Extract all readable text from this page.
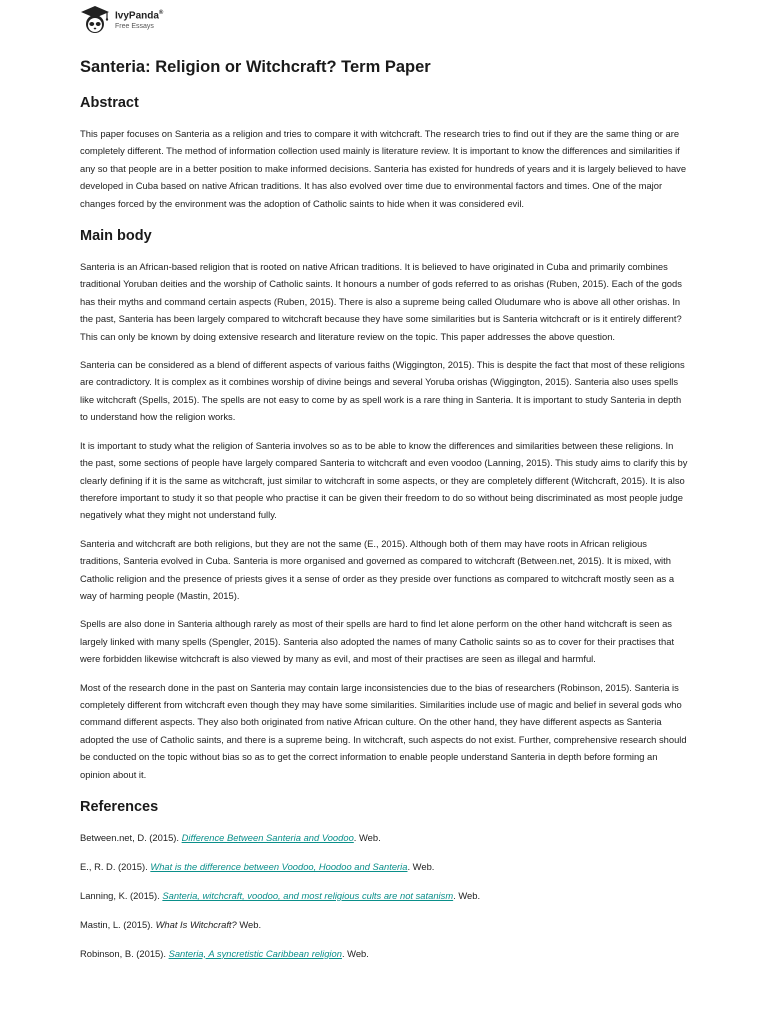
IvyPanda®
Free Essays
Santeria: Religion or Witchcraft? Term Paper
Abstract

This paper focuses on Santeria as a religion and tries to compare it with witchcraft. The research tries to find out if they are the same thing or are completely different. The method of information collection used mainly is literature review. It is important to know the differences and similarities if any so that people are in a better position to make informed decisions. Santeria has existed for hundreds of years and it is largely believed to have developed in Cuba based on native African traditions. It has also evolved over time due to environmental factors and times. One of the major changes forced by the environment was the adoption of Catholic saints to hide when it was considered evil.

Main body

Santeria is an African-based religion that is rooted on native African traditions. It is believed to have originated in Cuba and primarily combines traditional Yoruban deities and the worship of Catholic saints. It honours a number of gods referred to as orishas (Ruben, 2015). Each of the gods has their myths and command certain aspects (Ruben, 2015). There is also a supreme being called Oludumare who is above all other orishas. In the past, Santeria has been largely compared to witchcraft because they have some similarities but is Santeria witchcraft or is it entirely different? This can only be known by doing extensive research and literature review on the topic. This paper addresses the above question.

Santeria can be considered as a blend of different aspects of various faiths (Wiggington, 2015). This is despite the fact that most of these religions are contradictory. It is complex as it combines worship of divine beings and several Yoruba orishas (Wiggington, 2015). Santeria also uses spells like witchcraft (Spells, 2015). The spells are not easy to come by as spell work is a rare thing in Santeria. It is important to study Santeria in depth to understand how the religion works.

It is important to study what the religion of Santeria involves so as to be able to know the differences and similarities between these religions. In the past, some sections of people have largely compared Santeria to witchcraft and even voodoo (Lanning, 2015). This study aims to clarify this by clearly defining if it is the same as witchcraft, just similar to witchcraft in some aspects, or they are completely different (Witchcraft, 2015). It is also therefore important to study it so that people who practise it can be given their freedom to do so without being discriminated as most people judge negatively what they might not understand fully.

Santeria and witchcraft are both religions, but they are not the same (E., 2015). Although both of them may have roots in African religious traditions, Santeria evolved in Cuba. Santeria is more organised and governed as compared to witchcraft (Between.net, 2015). It is mixed, with Catholic religion and the presence of priests gives it a sense of order as they preside over functions as compared to witchcraft mostly seen as a way of harming people (Mastin, 2015).

Spells are also done in Santeria although rarely as most of their spells are hard to find let alone perform on the other hand witchcraft is seen as largely linked with many spells (Spengler, 2015). Santeria also adopted the names of many Catholic saints so as to cover for their practises that were forbidden likewise witchcraft is also viewed by many as evil, and most of their practises are seen as illegal and harmful.

Most of the research done in the past on Santeria may contain large inconsistencies due to the bias of researchers (Robinson, 2015). Santeria is completely different from witchcraft even though they may have some similarities. Similarities include use of magic and belief in several gods who command different aspects. They also both originated from native African culture. On the other hand, they have different aspects as Santeria adopted the use of Catholic saints, and there is a supreme being. In witchcraft, such aspects do not exist. Further, comprehensive research should be conducted on the topic without bias so as to get the correct information to enable people understand Santeria in depth before forming an opinion about it.

References

Between.net, D. (2015). Difference Between Santeria and Voodoo. Web.

E., R. D. (2015). What is the difference between Voodoo, Hoodoo and Santeria. Web.

Lanning, K. (2015). Santeria, witchcraft, voodoo, and most religious cults are not satanism. Web.

Mastin, L. (2015). What Is Witchcraft? Web.

Robinson, B. (2015). Santeria, A syncretistic Caribbean religion. Web.
